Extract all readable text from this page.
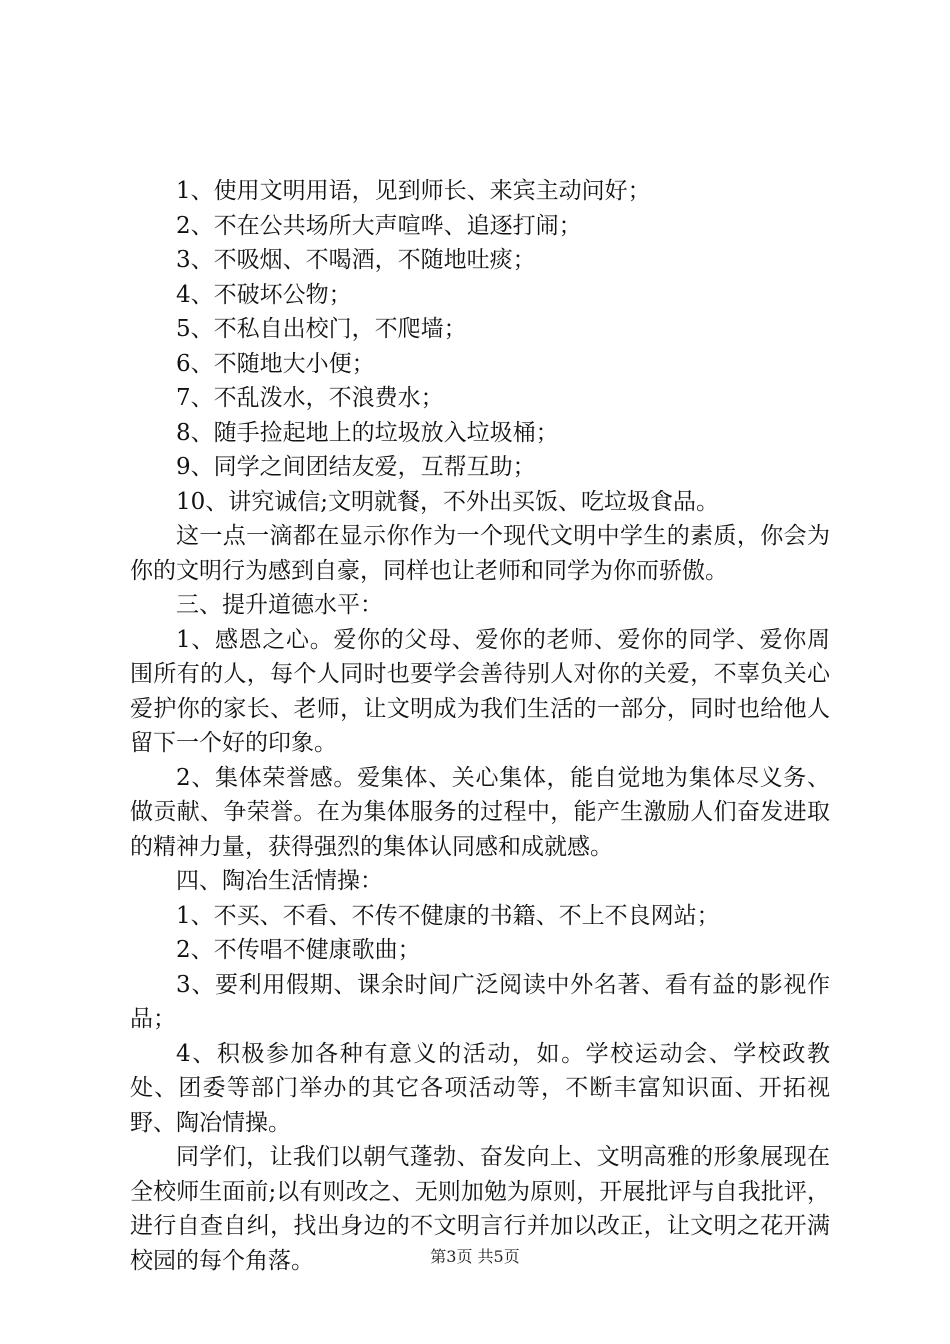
1、使用文明用语，见到师长、来宾主动问好；

2、不在公共场所大声喧哗、追逐打闹；

3、不吸烟、不喝酒，不随地吐痰；

4、不破坏公物；

5、不私自出校门，不爬墙；

6、不随地大小便；

7、不乱泼水，不浪费水；

8、随手捡起地上的垃圾放入垃圾桶；

9、同学之间团结友爱，互帮互助；

10、讲究诚信;文明就餐，不外出买饭、吃垃圾食品。

这一点一滴都在显示你作为一个现代文明中学生的素质，你会为你的文明行为感到自豪，同样也让老师和同学为你而骄傲。

三、提升道德水平：

1、感恩之心。爱你的父母、爱你的老师、爱你的同学、爱你周围所有的人，每个人同时也要学会善待别人对你的关爱，不辜负关心爱护你的家长、老师，让文明成为我们生活的一部分，同时也给他人留下一个好的印象。

2、集体荣誉感。爱集体、关心集体，能自觉地为集体尽义务、做贡献、争荣誉。在为集体服务的过程中，能产生激励人们奋发进取的精神力量，获得强烈的集体认同感和成就感。

四、陶冶生活情操：

1、不买、不看、不传不健康的书籍、不上不良网站；

2、不传唱不健康歌曲；

3、要利用假期、课余时间广泛阅读中外名著、看有益的影视作品；

4、积极参加各种有意义的活动，如。学校运动会、学校政教处、团委等部门举办的其它各项活动等，不断丰富知识面、开拓视野、陶冶情操。

同学们，让我们以朝气蓬勃、奋发向上、文明高雅的形象展现在全校师生面前;以有则改之、无则加勉为原则，开展批评与自我批评，进行自查自纠，找出身边的不文明言行并加以改正，让文明之花开满校园的每个角落。	第3页 共5页
